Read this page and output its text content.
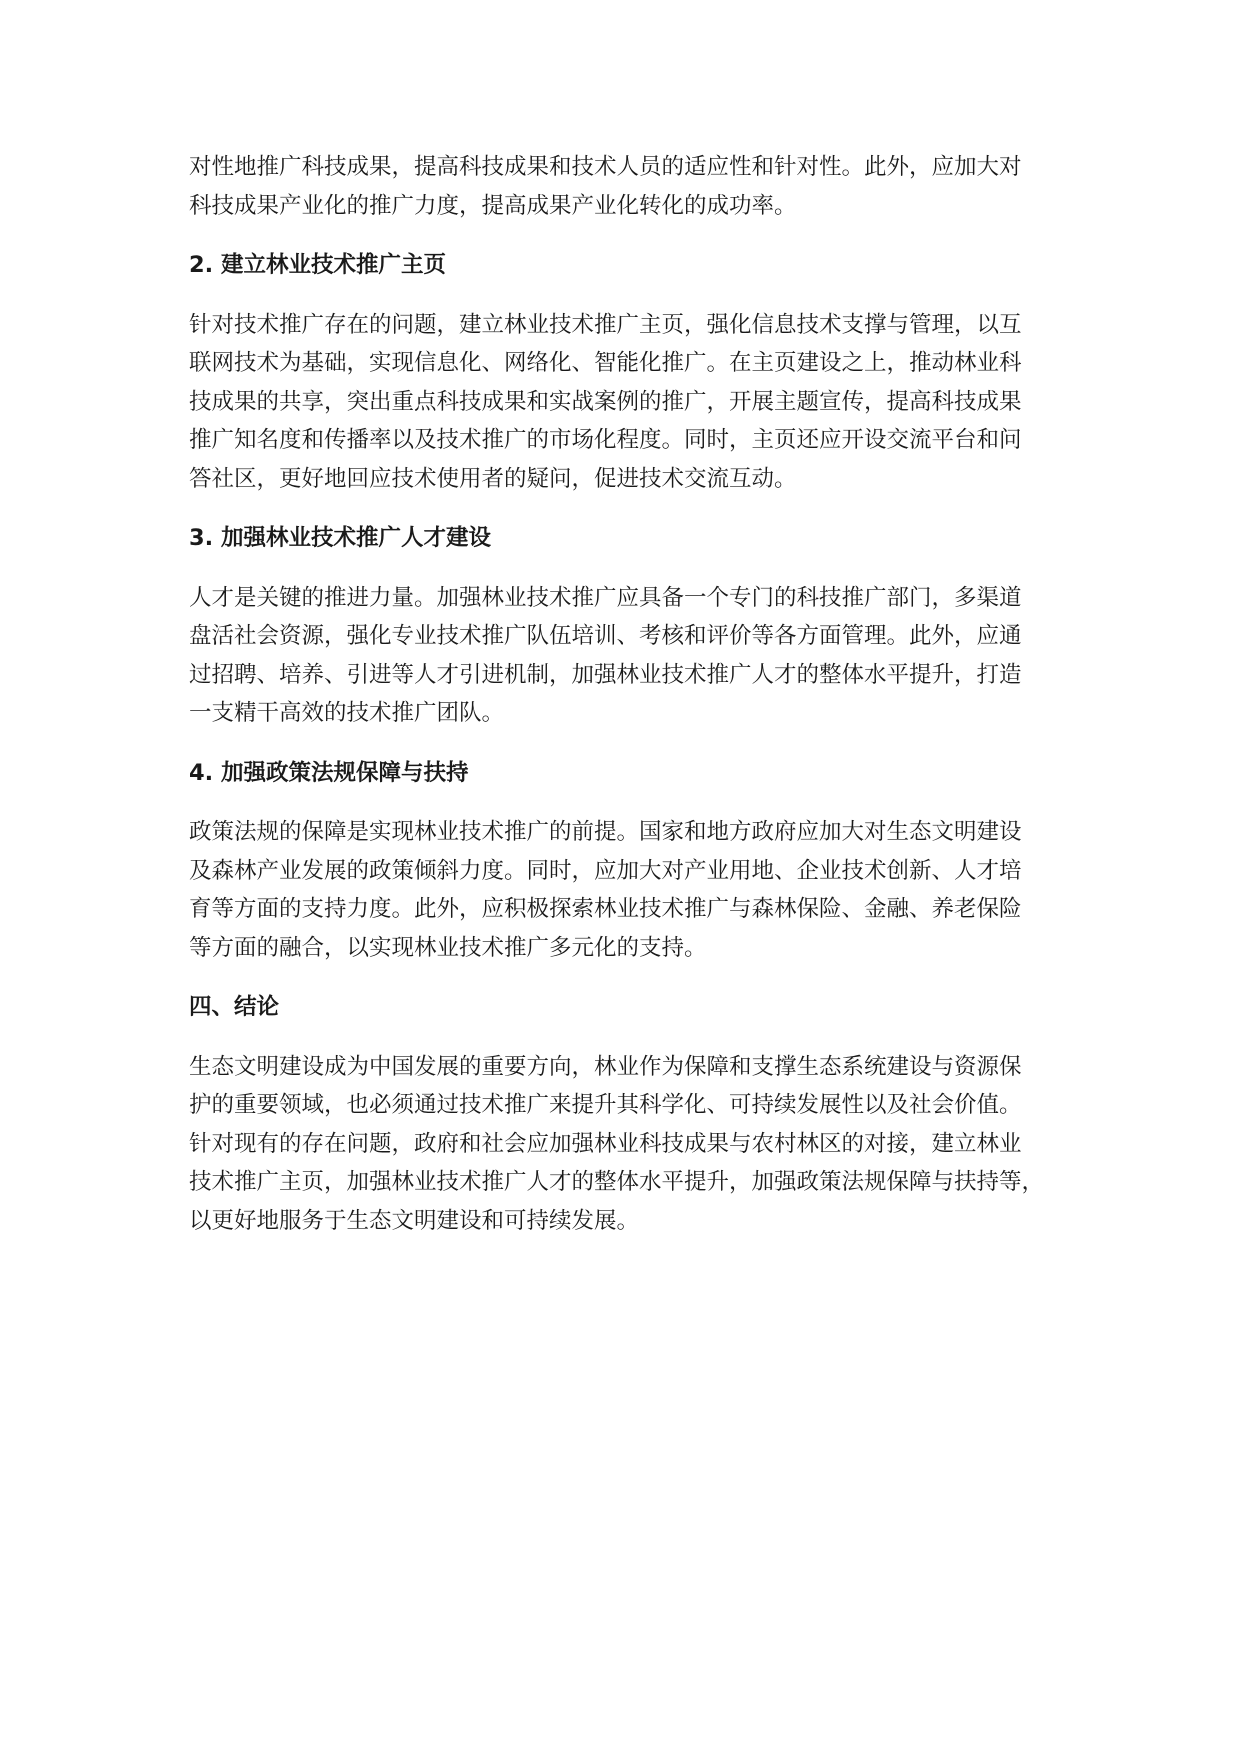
对性地推广科技成果，提高科技成果和技术人员的适应性和针对性。此外，应加大对
科技成果产业化的推广力度，提高成果产业化转化的成功率。

2. 建立林业技术推广主页

针对技术推广存在的问题，建立林业技术推广主页，强化信息技术支撑与管理，以互
联网技术为基础，实现信息化、网络化、智能化推广。在主页建设之上，推动林业科
技成果的共享，突出重点科技成果和实战案例的推广，开展主题宣传，提高科技成果
推广知名度和传播率以及技术推广的市场化程度。同时，主页还应开设交流平台和问
答社区，更好地回应技术使用者的疑问，促进技术交流互动。

3. 加强林业技术推广人才建设

人才是关键的推进力量。加强林业技术推广应具备一个专门的科技推广部门，多渠道
盘活社会资源，强化专业技术推广队伍培训、考核和评价等各方面管理。此外，应通
过招聘、培养、引进等人才引进机制，加强林业技术推广人才的整体水平提升，打造
一支精干高效的技术推广团队。

4. 加强政策法规保障与扶持

政策法规的保障是实现林业技术推广的前提。国家和地方政府应加大对生态文明建设
及森林产业发展的政策倾斜力度。同时，应加大对产业用地、企业技术创新、人才培
育等方面的支持力度。此外，应积极探索林业技术推广与森林保险、金融、养老保险
等方面的融合，以实现林业技术推广多元化的支持。

四、结论

生态文明建设成为中国发展的重要方向，林业作为保障和支撑生态系统建设与资源保
护的重要领域，也必须通过技术推广来提升其科学化、可持续发展性以及社会价值。
针对现有的存在问题，政府和社会应加强林业科技成果与农村林区的对接，建立林业
技术推广主页，加强林业技术推广人才的整体水平提升，加强政策法规保障与扶持等，
以更好地服务于生态文明建设和可持续发展。
